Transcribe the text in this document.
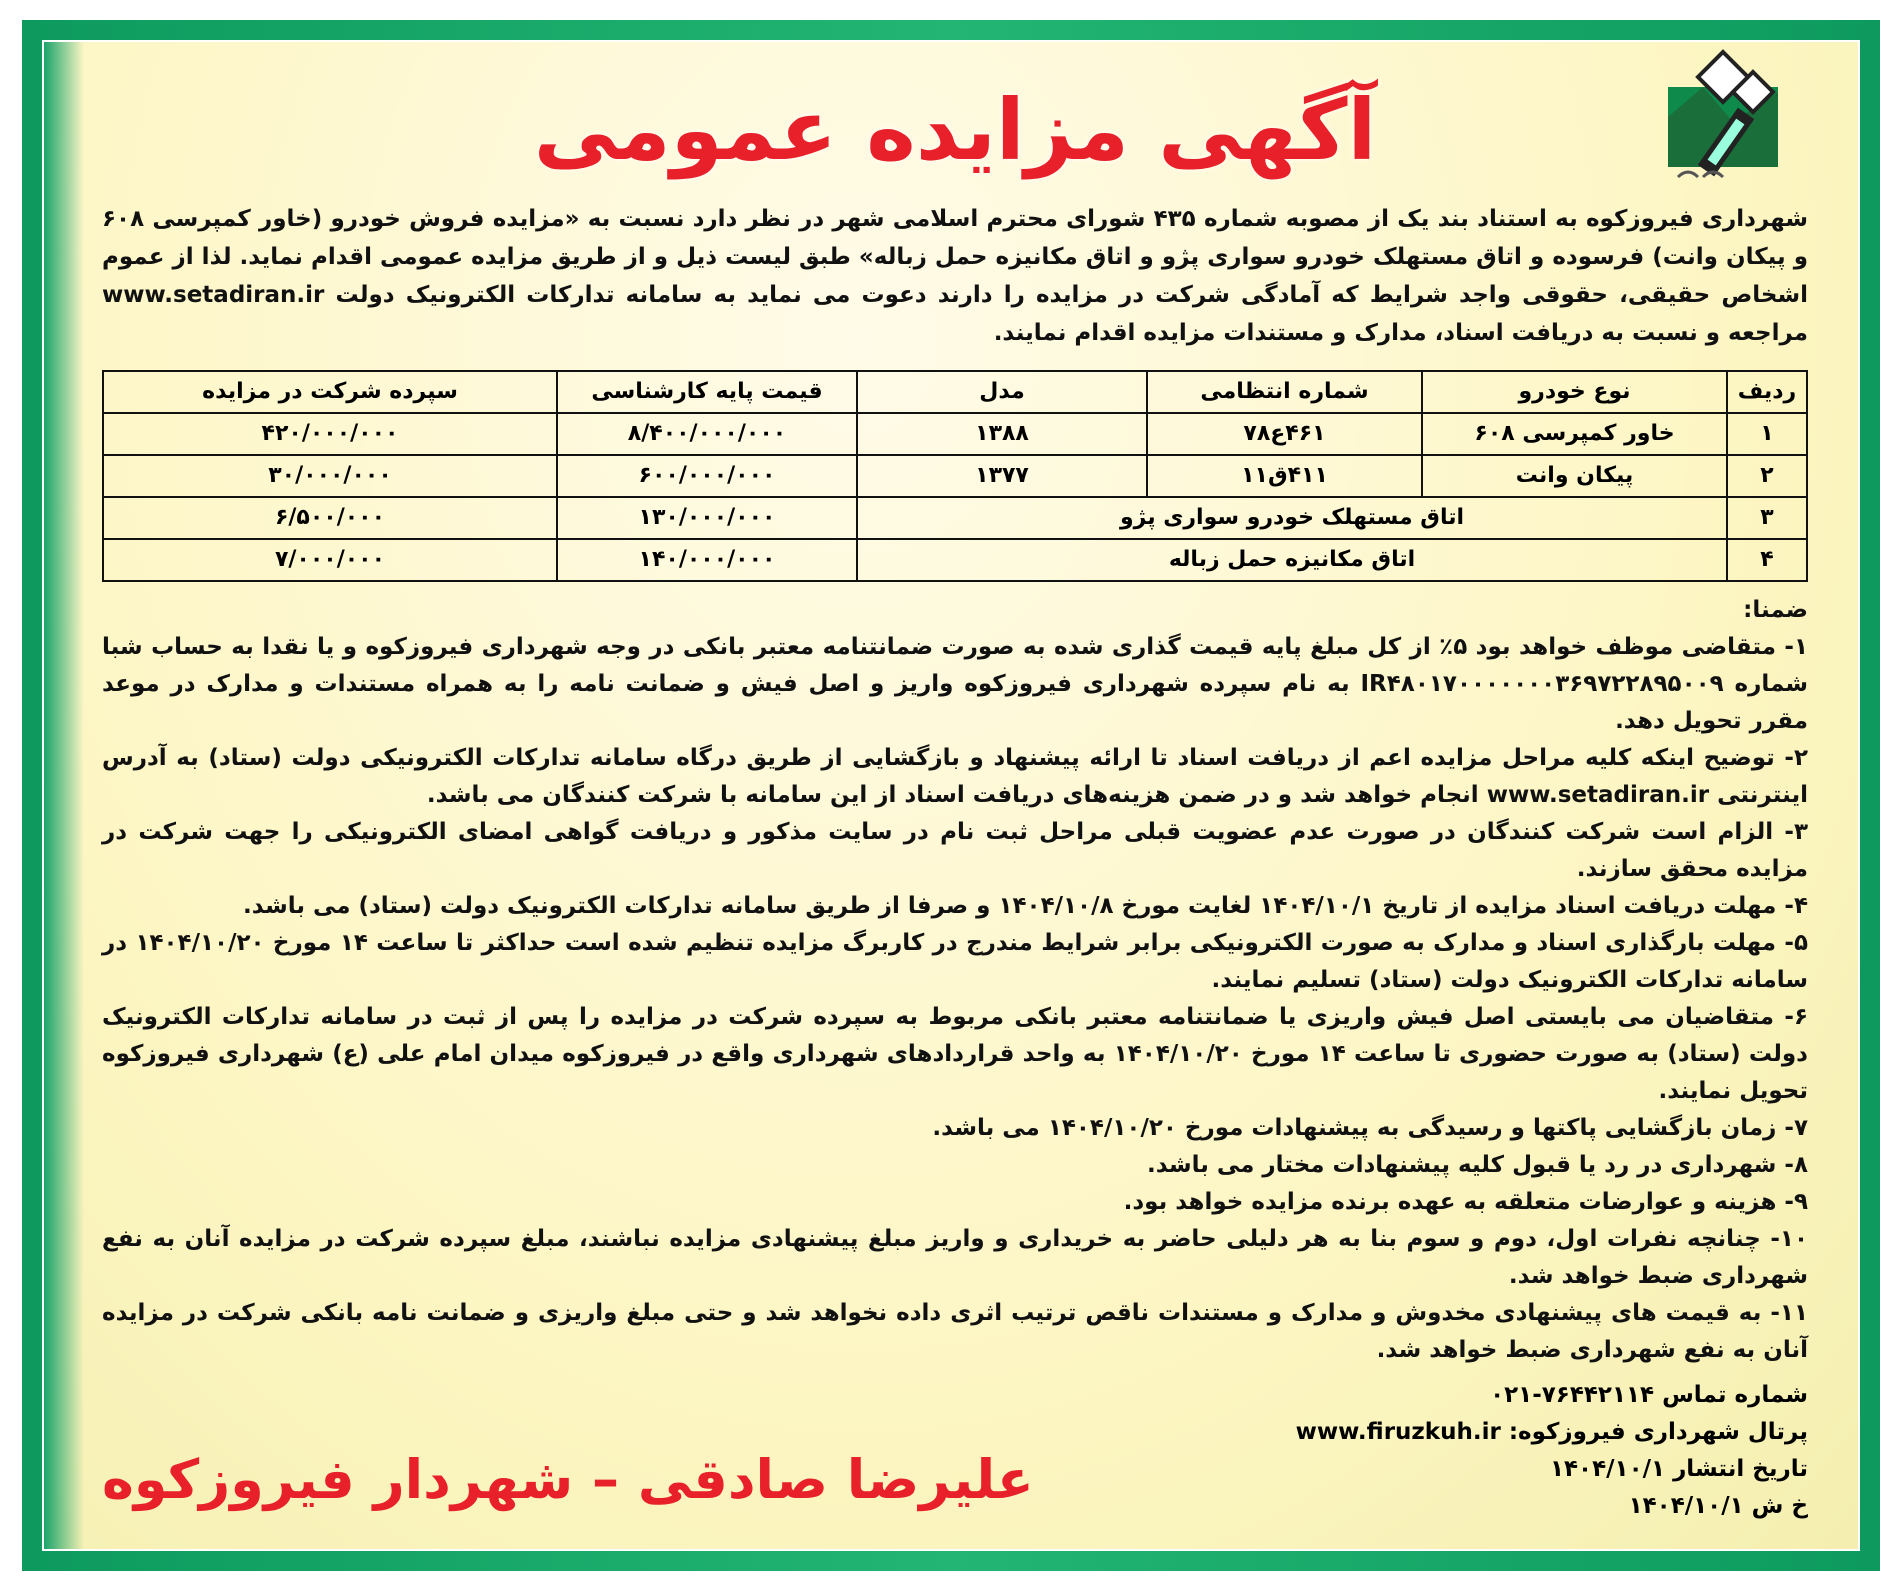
آگهی مزایده عمومی

شهرداری فیروزکوه به استناد بند یک از مصوبه شماره ۴۳۵ شورای محترم اسلامی شهر در نظر دارد نسبت به «مزایده فروش خودرو (خاور کمپرسی ۶۰۸ و پیکان وانت) فرسوده و اتاق مستهلک خودرو سواری پژو و اتاق مکانیزه حمل زباله» طبق لیست ذیل و از طریق مزایده عمومی اقدام نماید. لذا از عموم اشخاص حقیقی، حقوقی واجد شرایط که آمادگی شرکت در مزایده را دارند دعوت می نماید به سامانه تدارکات الکترونیک دولت www.setadiran.ir مراجعه و نسبت به دریافت اسناد، مدارک و مستندات مزایده اقدام نمایند.

ردیف	نوع خودرو	شماره انتظامی	مدل	قیمت پایه کارشناسی	سپرده شرکت در مزایده
۱	خاور کمپرسی ۶۰۸	۴۶۱ع۷۸	۱۳۸۸	۸/۴۰۰/۰۰۰/۰۰۰	۴۲۰/۰۰۰/۰۰۰
۲	پیکان وانت	۴۱۱ق۱۱	۱۳۷۷	۶۰۰/۰۰۰/۰۰۰	۳۰/۰۰۰/۰۰۰
۳	اتاق مستهلک خودرو سواری پژو			۱۳۰/۰۰۰/۰۰۰	۶/۵۰۰/۰۰۰
۴	اتاق مکانیزه حمل زباله			۱۴۰/۰۰۰/۰۰۰	۷/۰۰۰/۰۰۰

ضمنا:

۱- متقاضی موظف خواهد بود ۵٪ از کل مبلغ پایه قیمت گذاری شده به صورت ضمانتنامه معتبر بانکی در وجه شهرداری فیروزکوه و یا نقدا به حساب شبا شماره IR۴۸۰۱۷۰۰۰۰۰۰۰۳۶۹۷۲۲۸۹۵۰۰۹ به نام سپرده شهرداری فیروزکوه واریز و اصل فیش و ضمانت نامه را به همراه مستندات و مدارک در موعد مقرر تحویل دهد.

۲- توضیح اینکه کلیه مراحل مزایده اعم از دریافت اسناد تا ارائه پیشنهاد و بازگشایی از طریق درگاه سامانه تدارکات الکترونیکی دولت (ستاد) به آدرس اینترنتی www.setadiran.ir انجام خواهد شد و در ضمن هزینه‌های دریافت اسناد از این سامانه با شرکت کنندگان می باشد.

۳- الزام است شرکت کنندگان در صورت عدم عضویت قبلی مراحل ثبت نام در سایت مذکور و دریافت گواهی امضای الکترونیکی را جهت شرکت در مزایده محقق سازند.

۴- مهلت دریافت اسناد مزایده از تاریخ ۱۴۰۴/۱۰/۱ لغایت مورخ ۱۴۰۴/۱۰/۸ و صرفا از طریق سامانه تدارکات الکترونیک دولت (ستاد) می باشد.

۵- مهلت بارگذاری اسناد و مدارک به صورت الکترونیکی برابر شرایط مندرج در کاربرگ مزایده تنظیم شده است حداکثر تا ساعت ۱۴ مورخ ۱۴۰۴/۱۰/۲۰ در سامانه تدارکات الکترونیک دولت (ستاد) تسلیم نمایند.

۶- متقاضیان می بایستی اصل فیش واریزی یا ضمانتنامه معتبر بانکی مربوط به سپرده شرکت در مزایده را پس از ثبت در سامانه تدارکات الکترونیک دولت (ستاد) به صورت حضوری تا ساعت ۱۴ مورخ ۱۴۰۴/۱۰/۲۰ به واحد قراردادهای شهرداری واقع در فیروزکوه میدان امام علی (ع) شهرداری فیروزکوه تحویل نمایند.

۷- زمان بازگشایی پاکتها و رسیدگی به پیشنهادات مورخ ۱۴۰۴/۱۰/۲۰ می باشد.

۸- شهرداری در رد یا قبول کلیه پیشنهادات مختار می باشد.

۹- هزینه و عوارضات متعلقه به عهده برنده مزایده خواهد بود.

۱۰- چنانچه نفرات اول، دوم و سوم بنا به هر دلیلی حاضر به خریداری و واریز مبلغ پیشنهادی مزایده نباشند، مبلغ سپرده شرکت در مزایده آنان به نفع شهرداری ضبط خواهد شد.

۱۱- به قیمت های پیشنهادی مخدوش و مدارک و مستندات ناقص ترتیب اثری داده نخواهد شد و حتی مبلغ واریزی و ضمانت نامه بانکی شرکت در مزایده آنان به نفع شهرداری ضبط خواهد شد.

علیرضا صادقی – شهردار فیروزکوه
شماره تماس ۷۶۴۴۲۱۱۴-۰۲۱
پرتال شهرداری فیروزکوه: www.firuzkuh.ir
تاریخ انتشار ۱۴۰۴/۱۰/۱
خ ش ۱۴۰۴/۱۰/۱
